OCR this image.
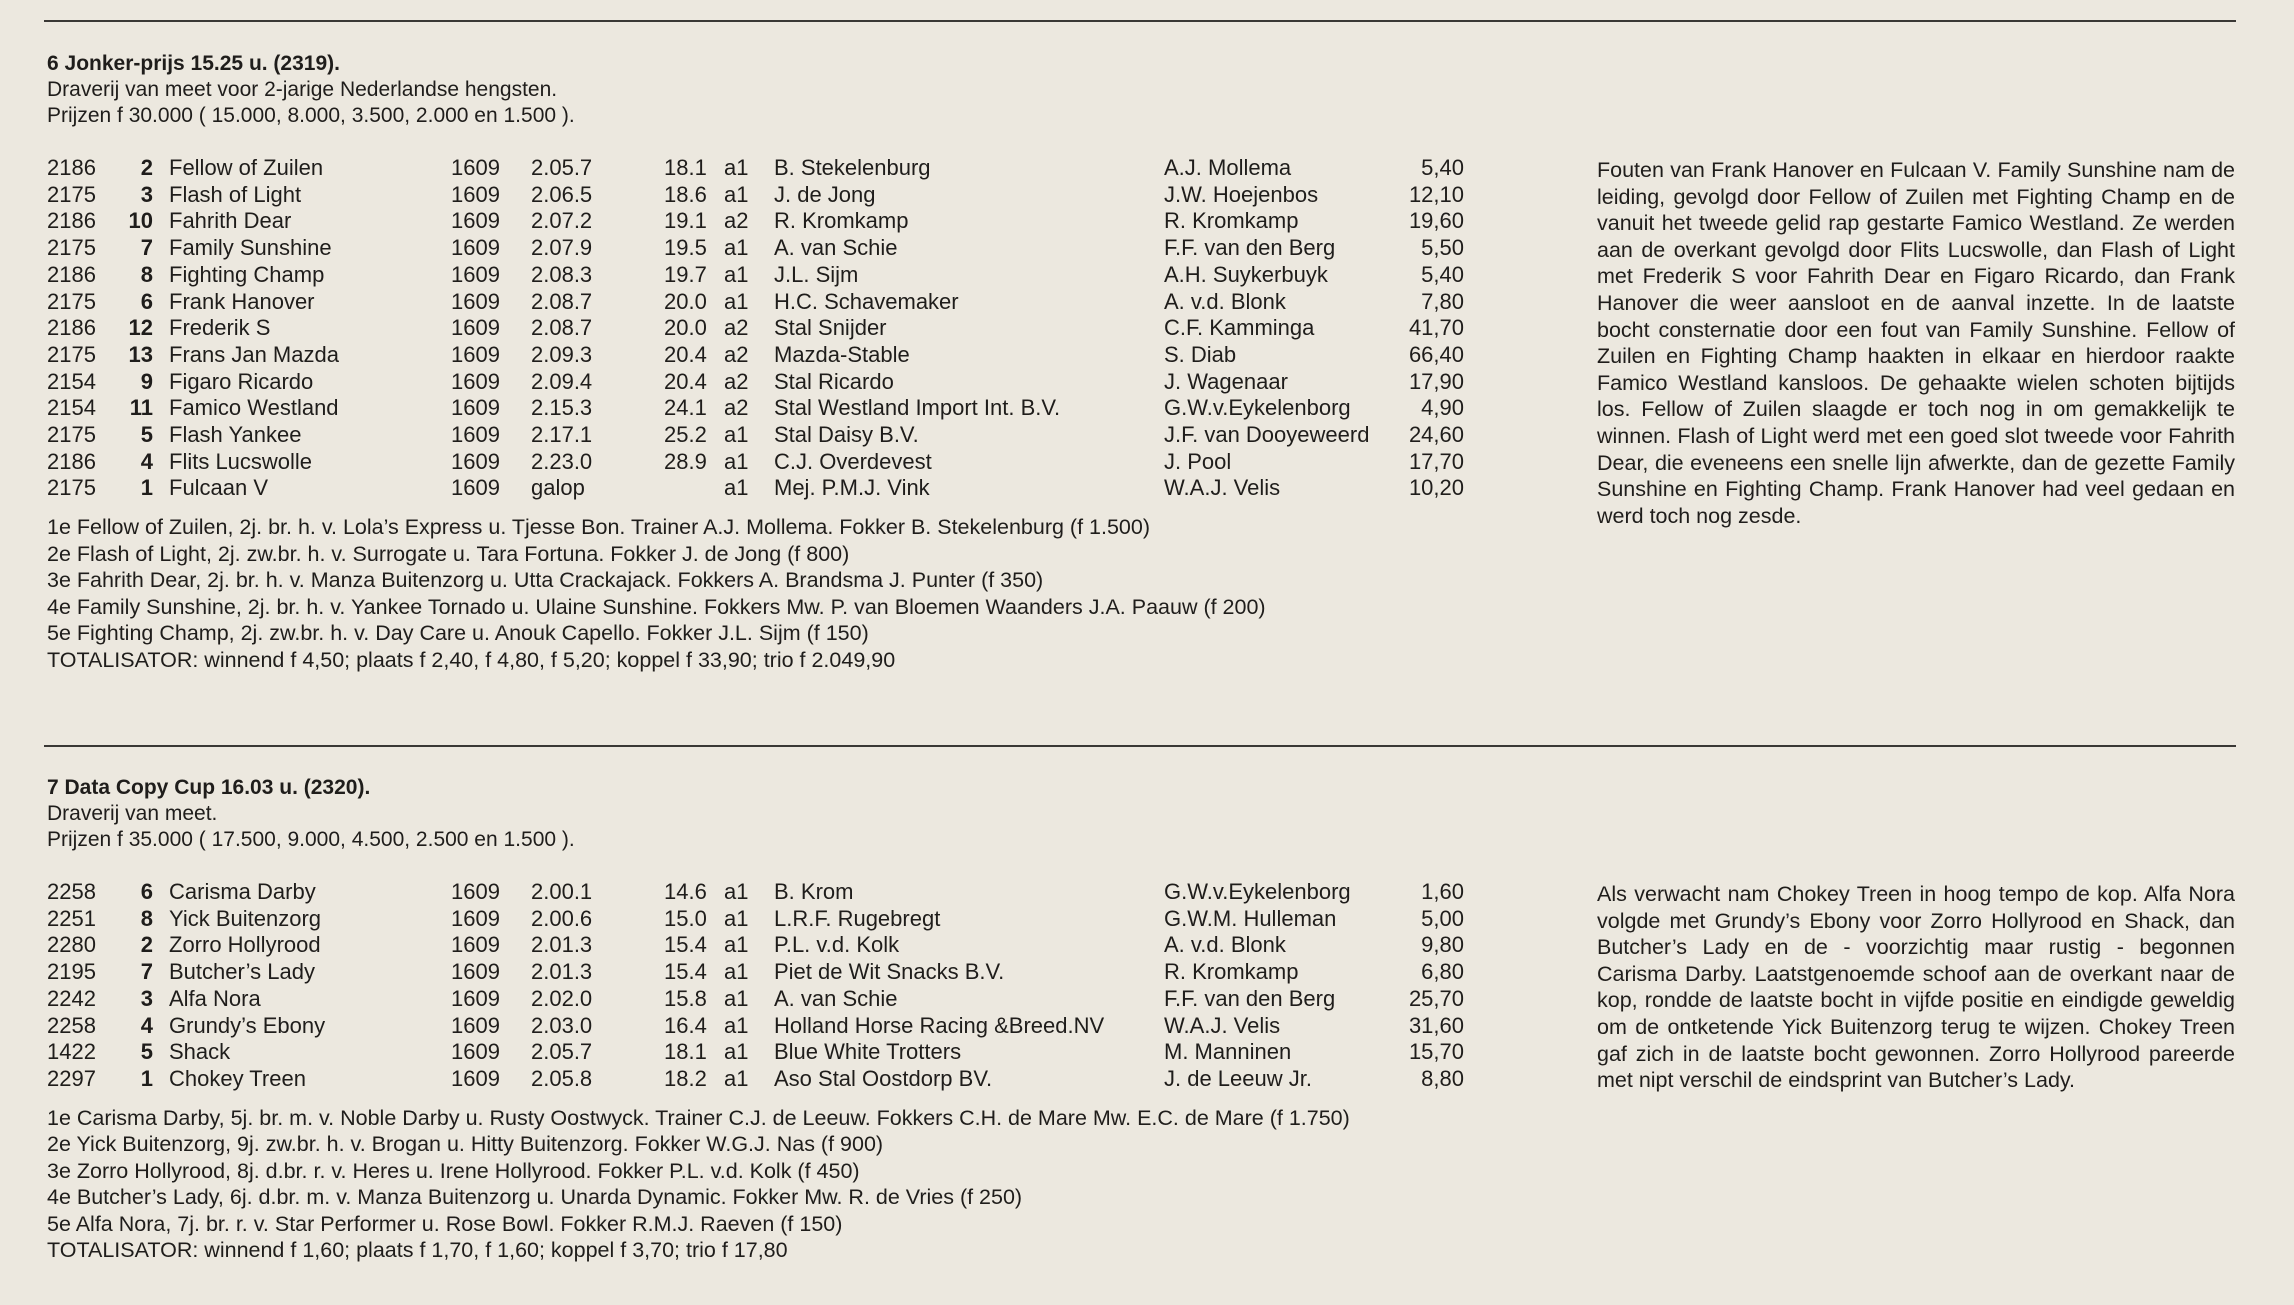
6 Jonker-prijs 15.25 u. (2319).
Draverij van meet voor 2-jarige Nederlandse hengsten.
Prijzen f 30.000 ( 15.000, 8.000, 3.500, 2.000 en 1.500 ).
2186	2	Fellow of Zuilen	1609	2.05.7	18.1	a1	B. Stekelenburg	A.J. Mollema	5,40
2175	3	Flash of Light	1609	2.06.5	18.6	a1	J. de Jong	J.W. Hoejenbos	12,10
2186	10	Fahrith Dear	1609	2.07.2	19.1	a2	R. Kromkamp	R. Kromkamp	19,60
2175	7	Family Sunshine	1609	2.07.9	19.5	a1	A. van Schie	F.F. van den Berg	5,50
2186	8	Fighting Champ	1609	2.08.3	19.7	a1	J.L. Sijm	A.H. Suykerbuyk	5,40
2175	6	Frank Hanover	1609	2.08.7	20.0	a1	H.C. Schavemaker	A. v.d. Blonk	7,80
2186	12	Frederik S	1609	2.08.7	20.0	a2	Stal Snijder	C.F. Kamminga	41,70
2175	13	Frans Jan Mazda	1609	2.09.3	20.4	a2	Mazda-Stable	S. Diab	66,40
2154	9	Figaro Ricardo	1609	2.09.4	20.4	a2	Stal Ricardo	J. Wagenaar	17,90
2154	11	Famico Westland	1609	2.15.3	24.1	a2	Stal Westland Import Int. B.V.	G.W.v.Eykelenborg	4,90
2175	5	Flash Yankee	1609	2.17.1	25.2	a1	Stal Daisy B.V.	J.F. van Dooyeweerd	24,60
2186	4	Flits Lucswolle	1609	2.23.0	28.9	a1	C.J. Overdevest	J. Pool	17,70
2175	1	Fulcaan V	1609	galop		a1	Mej. P.M.J. Vink	W.A.J. Velis	10,20
1e Fellow of Zuilen, 2j. br. h. v. Lola’s Express u. Tjesse Bon. Trainer A.J. Mollema. Fokker B. Stekelenburg (f 1.500)
2e Flash of Light, 2j. zw.br. h. v. Surrogate u. Tara Fortuna. Fokker J. de Jong (f 800)
3e Fahrith Dear, 2j. br. h. v. Manza Buitenzorg u. Utta Crackajack. Fokkers A. Brandsma J. Punter (f 350)
4e Family Sunshine, 2j. br. h. v. Yankee Tornado u. Ulaine Sunshine. Fokkers Mw. P. van Bloemen Waanders J.A. Paauw (f 200)
5e Fighting Champ, 2j. zw.br. h. v. Day Care u. Anouk Capello. Fokker J.L. Sijm (f 150)
TOTALISATOR: winnend f 4,50; plaats f 2,40, f 4,80, f 5,20; koppel f 33,90; trio f 2.049,90
Fouten van Frank Hanover en Fulcaan V. Family Sunshine nam de leiding, gevolgd door Fellow of Zuilen met Fighting Champ en de vanuit het tweede gelid rap gestarte Famico Westland. Ze werden aan de overkant gevolgd door Flits Lucswolle, dan Flash of Light met Frederik S voor Fahrith Dear en Figaro Ricardo, dan Frank Hanover die weer aansloot en de aanval inzette. In de laatste bocht consternatie door een fout van Family Sunshine. Fellow of Zuilen en Fighting Champ haakten in elkaar en hierdoor raakte Famico Westland kansloos. De gehaakte wielen schoten bijtijds los. Fellow of Zuilen slaagde er toch nog in om gemakkelijk te winnen. Flash of Light werd met een goed slot tweede voor Fahrith Dear, die eveneens een snelle lijn afwerkte, dan de gezette Family Sunshine en Fighting Champ. Frank Hanover had veel gedaan en werd toch nog zesde.
7 Data Copy Cup 16.03 u. (2320).
Draverij van meet.
Prijzen f 35.000 ( 17.500, 9.000, 4.500, 2.500 en 1.500 ).
2258	6	Carisma Darby	1609	2.00.1	14.6	a1	B. Krom	G.W.v.Eykelenborg	1,60
2251	8	Yick Buitenzorg	1609	2.00.6	15.0	a1	L.R.F. Rugebregt	G.W.M. Hulleman	5,00
2280	2	Zorro Hollyrood	1609	2.01.3	15.4	a1	P.L. v.d. Kolk	A. v.d. Blonk	9,80
2195	7	Butcher’s Lady	1609	2.01.3	15.4	a1	Piet de Wit Snacks B.V.	R. Kromkamp	6,80
2242	3	Alfa Nora	1609	2.02.0	15.8	a1	A. van Schie	F.F. van den Berg	25,70
2258	4	Grundy’s Ebony	1609	2.03.0	16.4	a1	Holland Horse Racing &Breed.NV	W.A.J. Velis	31,60
1422	5	Shack	1609	2.05.7	18.1	a1	Blue White Trotters	M. Manninen	15,70
2297	1	Chokey Treen	1609	2.05.8	18.2	a1	Aso Stal Oostdorp BV.	J. de Leeuw Jr.	8,80
1e Carisma Darby, 5j. br. m. v. Noble Darby u. Rusty Oostwyck. Trainer C.J. de Leeuw. Fokkers C.H. de Mare Mw. E.C. de Mare (f 1.750)
2e Yick Buitenzorg, 9j. zw.br. h. v. Brogan u. Hitty Buitenzorg. Fokker W.G.J. Nas (f 900)
3e Zorro Hollyrood, 8j. d.br. r. v. Heres u. Irene Hollyrood. Fokker P.L. v.d. Kolk (f 450)
4e Butcher’s Lady, 6j. d.br. m. v. Manza Buitenzorg u. Unarda Dynamic. Fokker Mw. R. de Vries (f 250)
5e Alfa Nora, 7j. br. r. v. Star Performer u. Rose Bowl. Fokker R.M.J. Raeven (f 150)
TOTALISATOR: winnend f 1,60; plaats f 1,70, f 1,60; koppel f 3,70; trio f 17,80
Als verwacht nam Chokey Treen in hoog tempo de kop. Alfa Nora volgde met Grundy’s Ebony voor Zorro Hollyrood en Shack, dan Butcher’s Lady en de - voorzichtig maar rustig - begonnen Carisma Darby. Laatstgenoemde schoof aan de overkant naar de kop, rondde de laatste bocht in vijfde positie en eindigde geweldig om de ontketende Yick Buitenzorg terug te wijzen. Chokey Treen gaf zich in de laatste bocht gewonnen. Zorro Hollyrood pareerde met nipt verschil de eindsprint van Butcher’s Lady.
